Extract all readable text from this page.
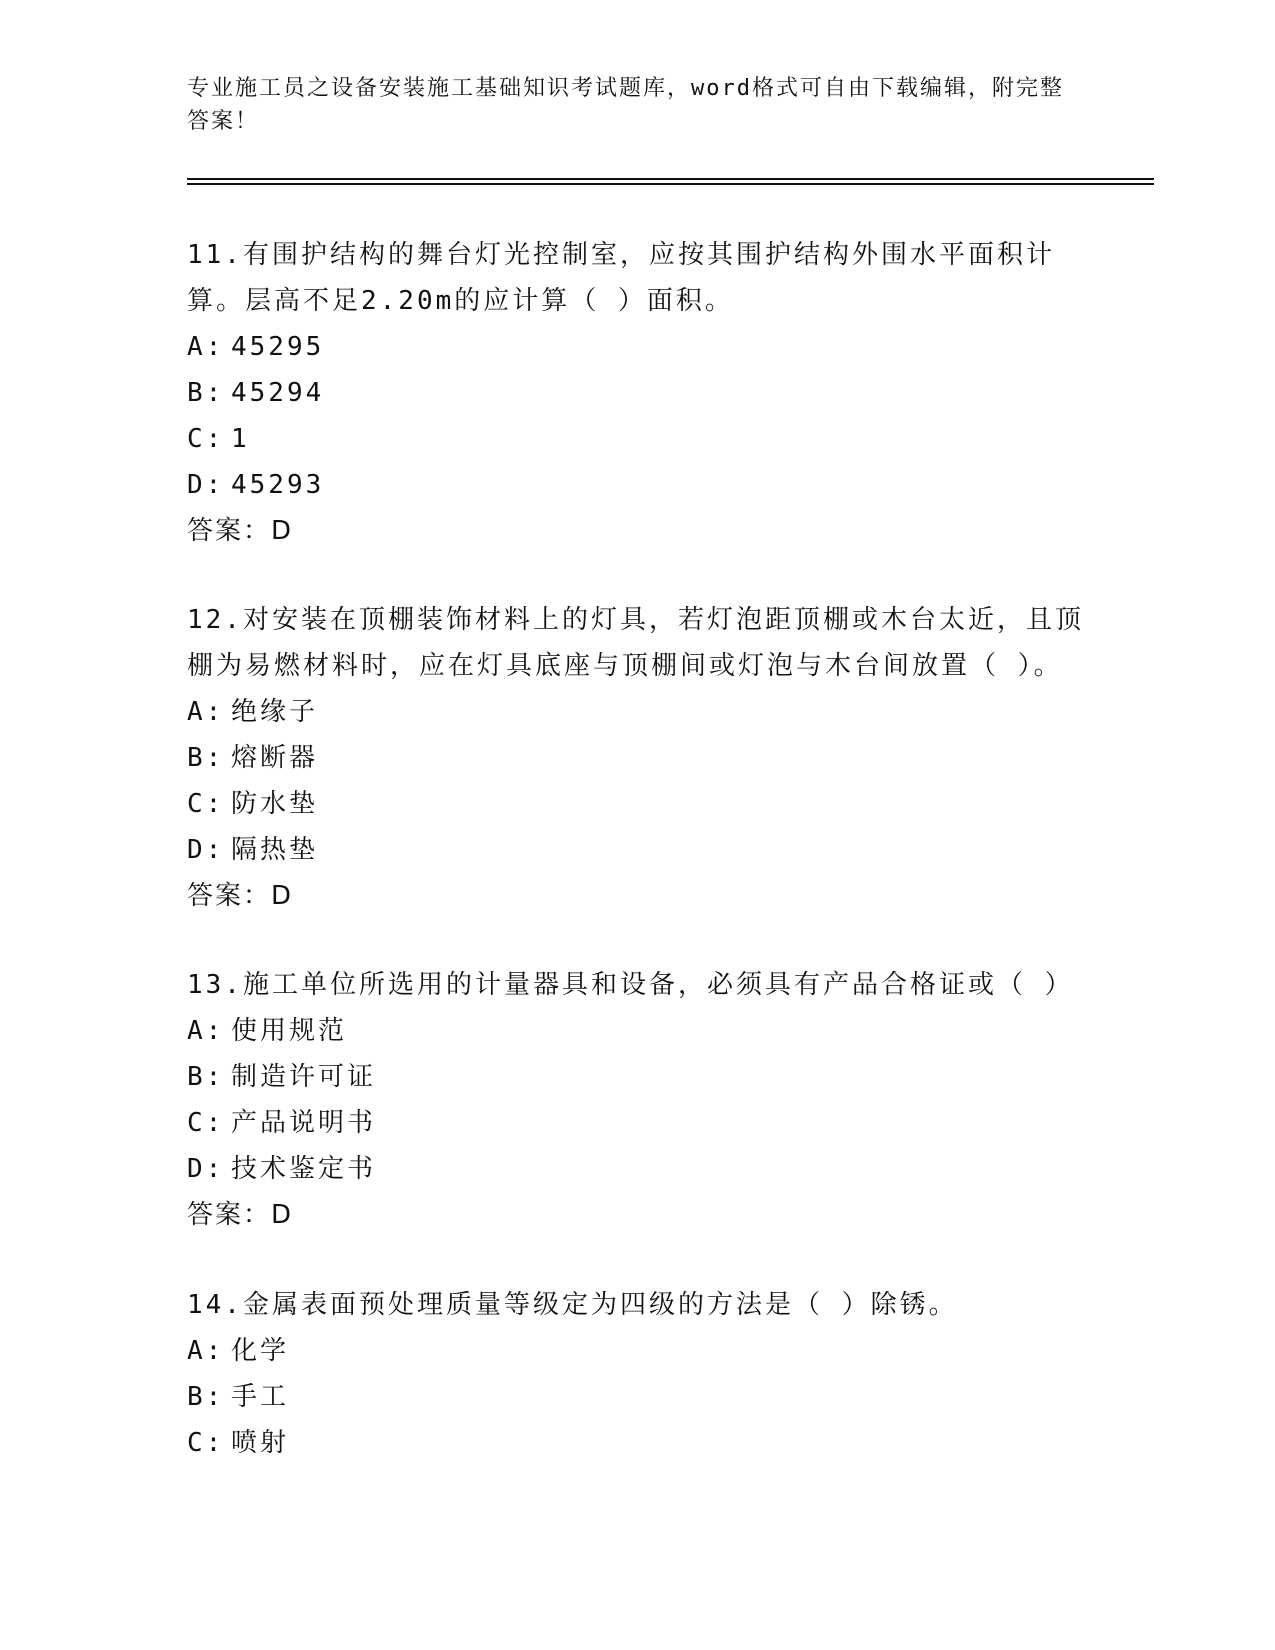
专业施工员之设备安装施工基础知识考试题库，word格式可自由下载编辑，附完整答案！
11.有围护结构的舞台灯光控制室，应按其围护结构外围水平面积计算。层高不足2.20m的应计算（ ）面积。
A: 45295
B: 45294
C: 1
D: 45293
答案：D
12.对安装在顶棚装饰材料上的灯具，若灯泡距顶棚或木台太近，且顶棚为易燃材料时，应在灯具底座与顶棚间或灯泡与木台间放置（ ）。
A: 绝缘子
B: 熔断器
C: 防水垫
D: 隔热垫
答案：D
13.施工单位所选用的计量器具和设备，必须具有产品合格证或（ ）
A: 使用规范
B: 制造许可证
C: 产品说明书
D: 技术鉴定书
答案：D
14.金属表面预处理质量等级定为四级的方法是（ ）除锈。
A: 化学
B: 手工
C: 喷射
